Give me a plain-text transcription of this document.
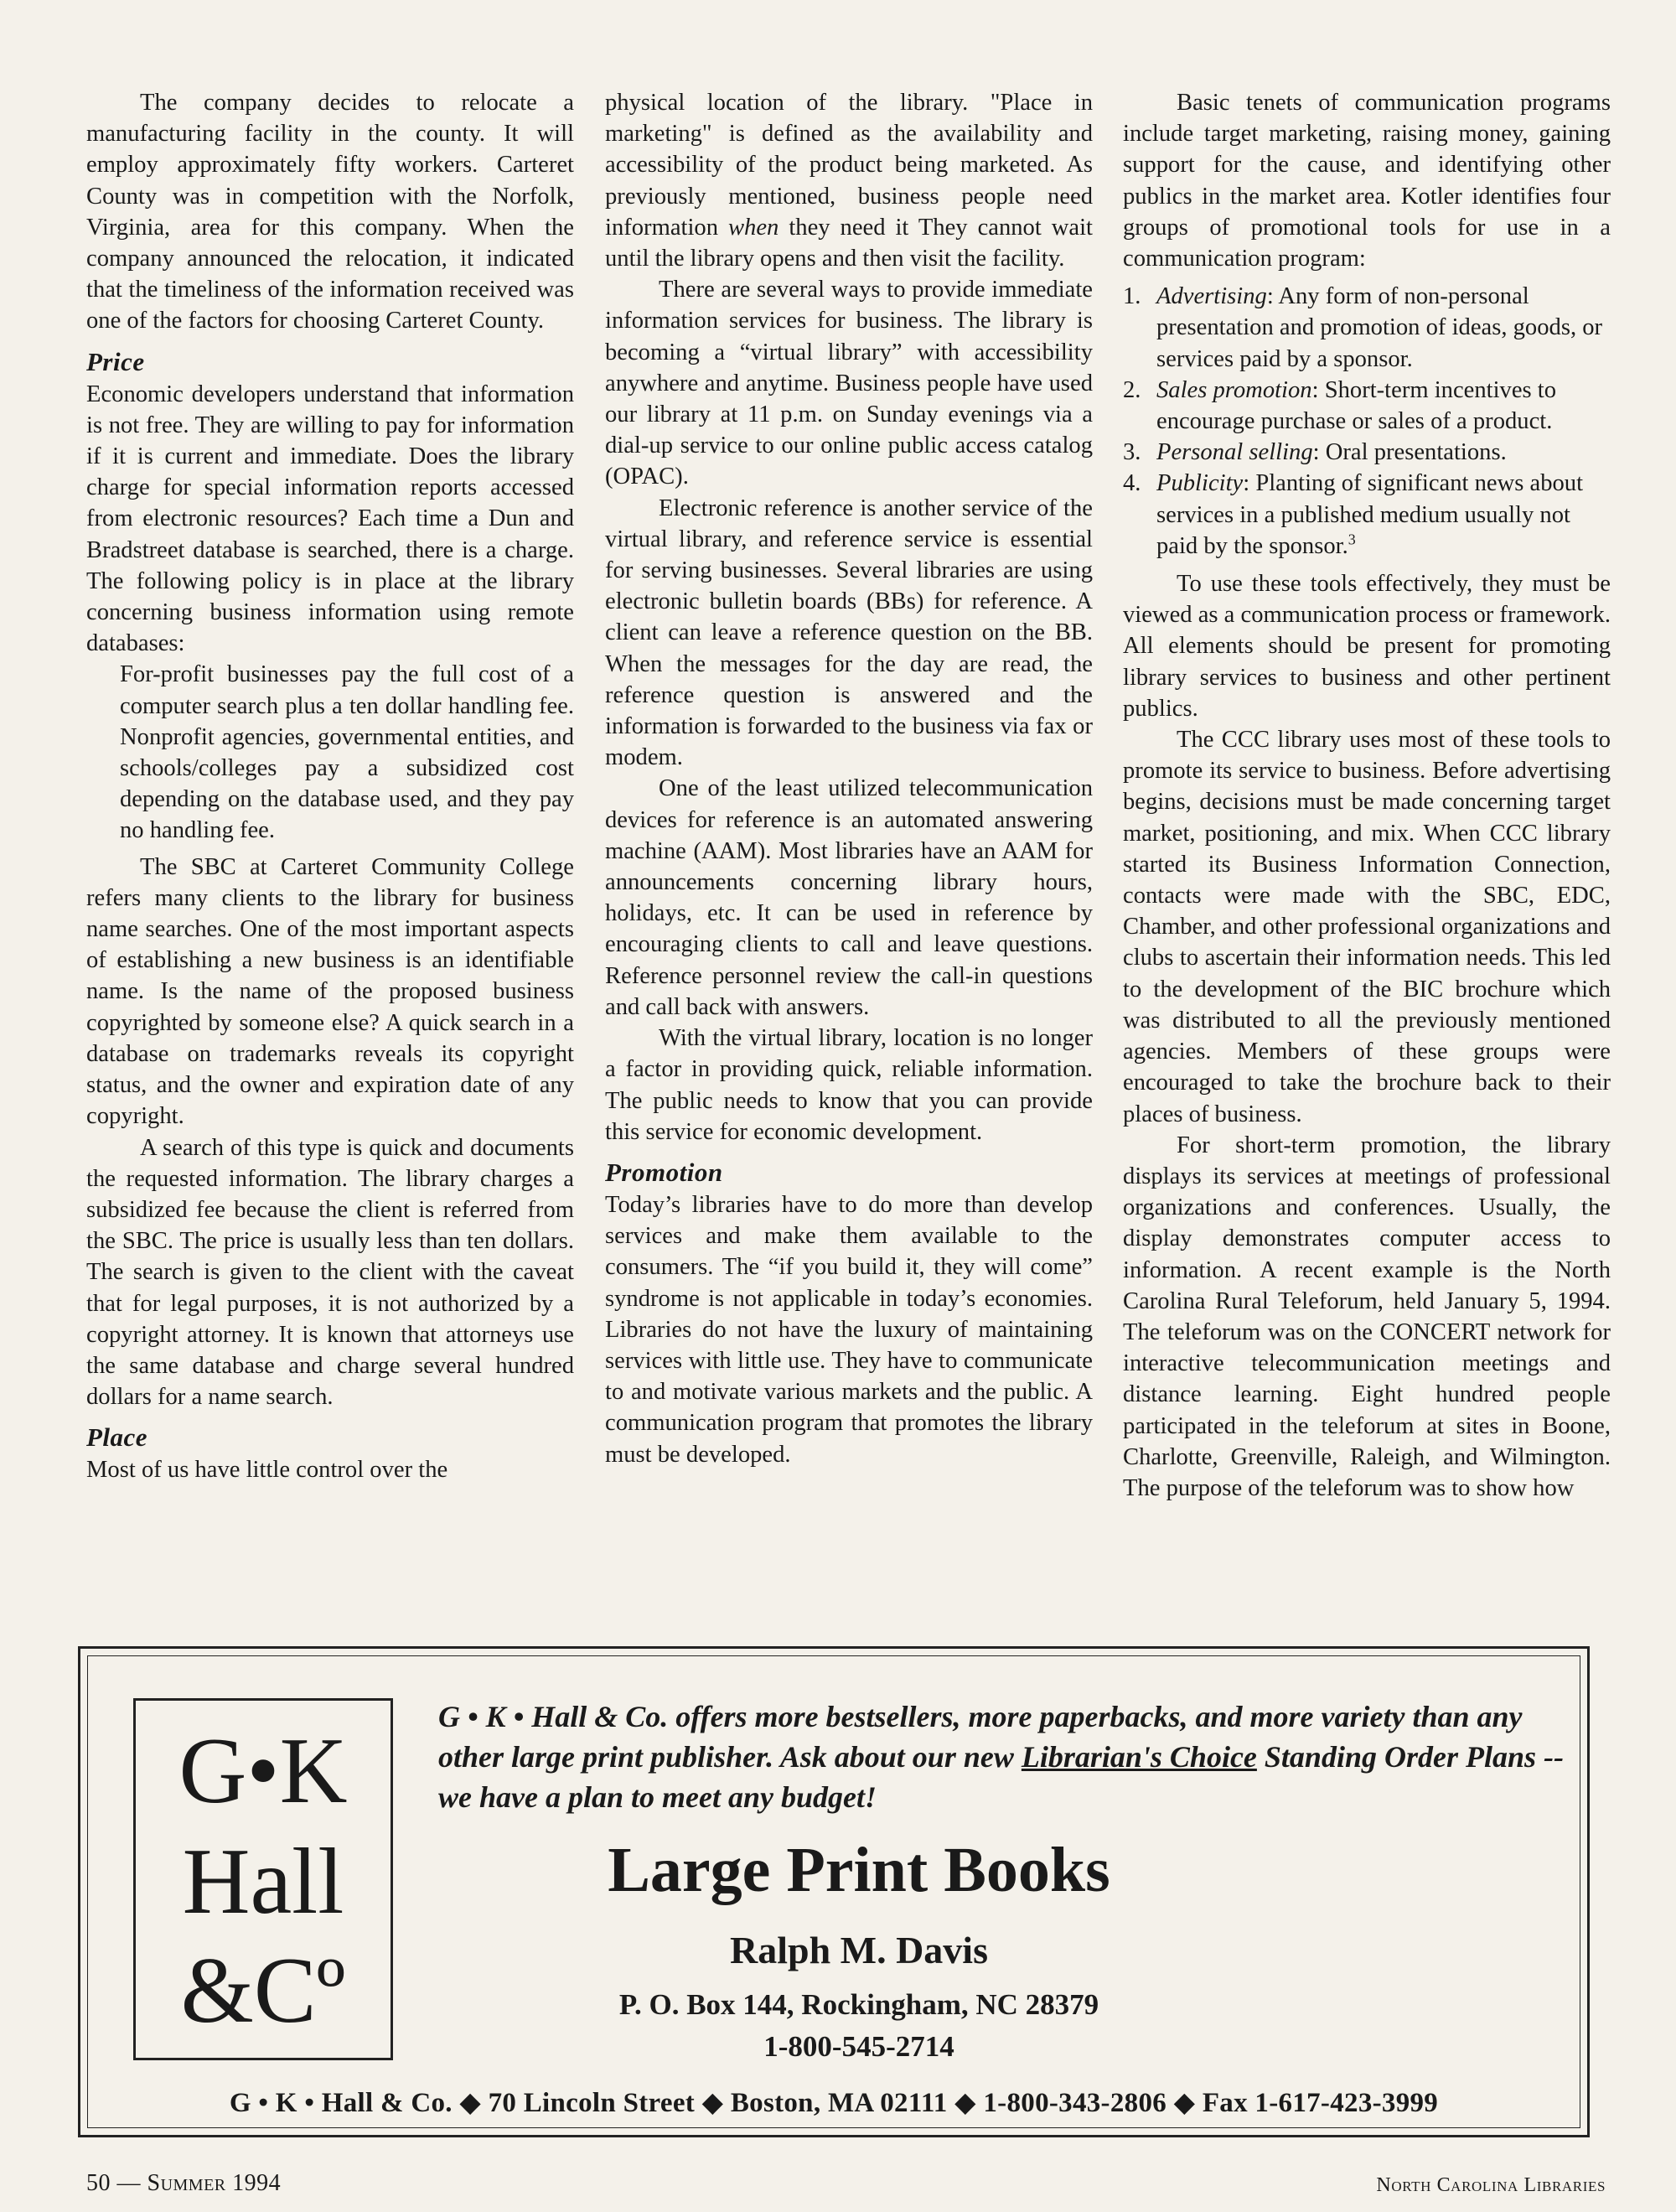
The company decides to relocate a manufacturing facility in the county. It will employ approximately fifty workers. Carteret County was in competition with the Norfolk, Virginia, area for this company. When the company announced the relocation, it indicated that the timeliness of the information received was one of the factors for choosing Carteret County.

Price

Economic developers understand that information is not free. They are willing to pay for information if it is current and immediate. Does the library charge for special information reports accessed from electronic resources? Each time a Dun and Bradstreet database is searched, there is a charge. The following policy is in place at the library concerning business information using remote databases:

For-profit businesses pay the full cost of a computer search plus a ten dollar handling fee. Nonprofit agencies, governmental entities, and schools/colleges pay a subsidized cost depending on the database used, and they pay no handling fee.

The SBC at Carteret Community College refers many clients to the library for business name searches. One of the most important aspects of establishing a new business is an identifiable name. Is the name of the proposed business copyrighted by someone else? A quick search in a database on trademarks reveals its copyright status, and the owner and expiration date of any copyright.

A search of this type is quick and documents the requested information. The library charges a subsidized fee because the client is referred from the SBC. The price is usually less than ten dollars. The search is given to the client with the caveat that for legal purposes, it is not authorized by a copyright attorney. It is known that attorneys use the same database and charge several hundred dollars for a name search.

Place

Most of us have little control over the

physical location of the library. "Place in marketing" is defined as the availability and accessibility of the product being marketed. As previously mentioned, business people need information when they need it They cannot wait until the library opens and then visit the facility.

There are several ways to provide immediate information services for business. The library is becoming a “virtual library” with accessibility anywhere and anytime. Business people have used our library at 11 p.m. on Sunday evenings via a dial-up service to our online public access catalog (OPAC).

Electronic reference is another service of the virtual library, and reference service is essential for serving businesses. Several libraries are using electronic bulletin boards (BBs) for reference. A client can leave a reference question on the BB. When the messages for the day are read, the reference question is answered and the information is forwarded to the business via fax or modem.

One of the least utilized telecommunication devices for reference is an automated answering machine (AAM). Most libraries have an AAM for announcements concerning library hours, holidays, etc. It can be used in reference by encouraging clients to call and leave questions. Reference personnel review the call-in questions and call back with answers.

With the virtual library, location is no longer a factor in providing quick, reliable information. The public needs to know that you can provide this service for economic development.

Promotion

Today’s libraries have to do more than develop services and make them available to the consumers. The “if you build it, they will come” syndrome is not applicable in today’s economies. Libraries do not have the luxury of maintaining services with little use. They have to communicate to and motivate various markets and the public. A communication program that promotes the library must be developed.

Basic tenets of communication programs include target marketing, raising money, gaining support for the cause, and identifying other publics in the market area. Kotler identifies four groups of promotional tools for use in a communication program:

1. Advertising: Any form of non-personal presentation and promotion of ideas, goods, or services paid by a sponsor.
2. Sales promotion: Short-term incentives to encourage purchase or sales of a product.
3. Personal selling: Oral presentations.
4. Publicity: Planting of significant news about services in a published medium usually not paid by the sponsor.$^3$

To use these tools effectively, they must be viewed as a communication process or framework. All elements should be present for promoting library services to business and other pertinent publics.

The CCC library uses most of these tools to promote its service to business. Before advertising begins, decisions must be made concerning target market, positioning, and mix. When CCC library started its Business Information Connection, contacts were made with the SBC, EDC, Chamber, and other professional organizations and clubs to ascertain their information needs. This led to the development of the BIC brochure which was distributed to all the previously mentioned agencies. Members of these groups were encouraged to take the brochure back to their places of business.

For short-term promotion, the library displays its services at meetings of professional organizations and conferences. Usually, the display demonstrates computer access to information. A recent example is the North Carolina Rural Teleforum, held January 5, 1994. The teleforum was on the CONCERT network for interactive telecommunication meetings and distance learning. Eight hundred people participated in the teleforum at sites in Boone, Charlotte, Greenville, Raleigh, and Wilmington. The purpose of the teleforum was to show how

G•K
Hall
&Cº
G • K • Hall & Co. offers more bestsellers, more paperbacks, and more variety than any other large print publisher. Ask about our new Librarian's Choice Standing Order Plans -- we have a plan to meet any budget!
Large Print Books
Ralph M. Davis
P. O. Box 144, Rockingham, NC 28379
1-800-545-2714
G • K • Hall & Co. ◆ 70 Lincoln Street ◆ Boston, MA 02111 ◆ 1-800-343-2806 ◆ Fax 1-617-423-3999
50 — Summer 1994	North Carolina Libraries
